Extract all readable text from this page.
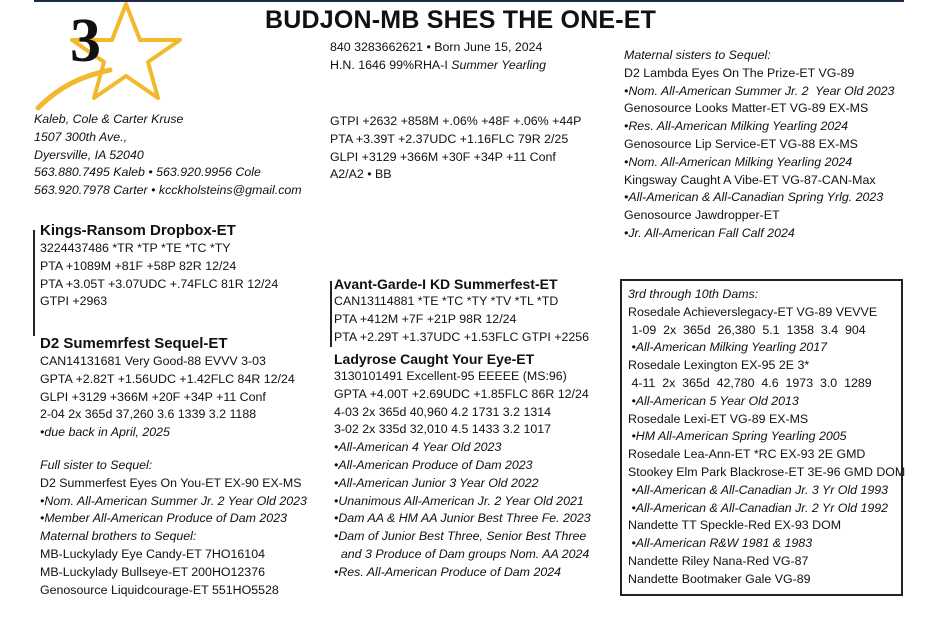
3	BUDJON-MB SHES THE ONE-ET
Kaleb, Cole & Carter Kruse
1507 300th Ave.,
Dyersville, IA 52040
563.880.7495 Kaleb • 563.920.9956 Cole
563.920.7978 Carter • kcckholsteins@gmail.com
840 3283662621 • Born June 15, 2024
H.N. 1646 99%RHA-I Summer Yearling
GTPI +2632 +858M +.06% +48F +.06% +44P
PTA +3.39T +2.37UDC +1.16FLC 79R 2/25
GLPI +3129 +366M +30F +34P +11 Conf
A2/A2 • BB
Kings-Ransom Dropbox-ET
3224437486 *TR *TP *TE *TC *TY
PTA +1089M +81F +58P 82R 12/24
PTA +3.05T +3.07UDC +.74FLC 81R 12/24
GTPI +2963
D2 Sumemrfest Sequel-ET
CAN14131681 Very Good-88 EVVV 3-03
GPTA +2.82T +1.56UDC +1.42FLC 84R 12/24
GLPI +3129 +366M +20F +34P +11 Conf
2-04 2x 365d 37,260 3.6 1339 3.2 1188
•due back in April, 2025
Full sister to Sequel:
D2 Summerfest Eyes On You-ET EX-90 EX-MS
•Nom. All-American Summer Jr. 2 Year Old 2023
•Member All-American Produce of Dam 2023
Maternal brothers to Sequel:
MB-Luckylady Eye Candy-ET 7HO16104
MB-Luckylady Bullseye-ET 200HO12376
Genosource Liquidcourage-ET 551HO5528
Avant-Garde-I KD Summerfest-ET
CAN13114881 *TE *TC *TY *TV *TL *TD
PTA +412M +7F +21P 98R 12/24
PTA +2.29T +1.37UDC +1.53FLC GTPI +2256
Ladyrose Caught Your Eye-ET
3130101491 Excellent-95 EEEEE (MS:96)
GPTA +4.00T +2.69UDC +1.85FLC 86R 12/24
4-03 2x 365d 40,960 4.2 1731 3.2 1314
3-02 2x 335d 32,010 4.5 1433 3.2 1017
•All-American 4 Year Old 2023
•All-American Produce of Dam 2023
•All-American Junior 3 Year Old 2022
•Unanimous All-American Jr. 2 Year Old 2021
•Dam AA & HM AA Junior Best Three Fe. 2023
•Dam of Junior Best Three, Senior Best Three
and 3 Produce of Dam groups Nom. AA 2024
•Res. All-American Produce of Dam 2024
Maternal sisters to Sequel:
D2 Lambda Eyes On The Prize-ET VG-89
•Nom. All-American Summer Jr. 2  Year Old 2023
Genosource Looks Matter-ET VG-89 EX-MS
•Res. All-American Milking Yearling 2024
Genosource Lip Service-ET VG-88 EX-MS
•Nom. All-American Milking Yearling 2024
Kingsway Caught A Vibe-ET VG-87-CAN-Max
•All-American & All-Canadian Spring Yrlg. 2023
Genosource Jawdropper-ET
•Jr. All-American Fall Calf 2024
3rd through 10th Dams:
Rosedale Achieverslegacy-ET VG-89 VEVVE
1-09  2x  365d  26,380  5.1  1358  3.4  904
•All-American Milking Yearling 2017
Rosedale Lexington EX-95 2E 3*
4-11  2x  365d  42,780  4.6  1973  3.0  1289
•All-American 5 Year Old 2013
Rosedale Lexi-ET VG-89 EX-MS
•HM All-American Spring Yearling 2005
Rosedale Lea-Ann-ET *RC EX-93 2E GMD
Stookey Elm Park Blackrose-ET 3E-96 GMD DOM
•All-American & All-Canadian Jr. 3 Yr Old 1993
•All-American & All-Canadian Jr. 2 Yr Old 1992
Nandette TT Speckle-Red EX-93 DOM
•All-American R&W 1981 & 1983
Nandette Riley Nana-Red VG-87
Nandette Bootmaker Gale VG-89
